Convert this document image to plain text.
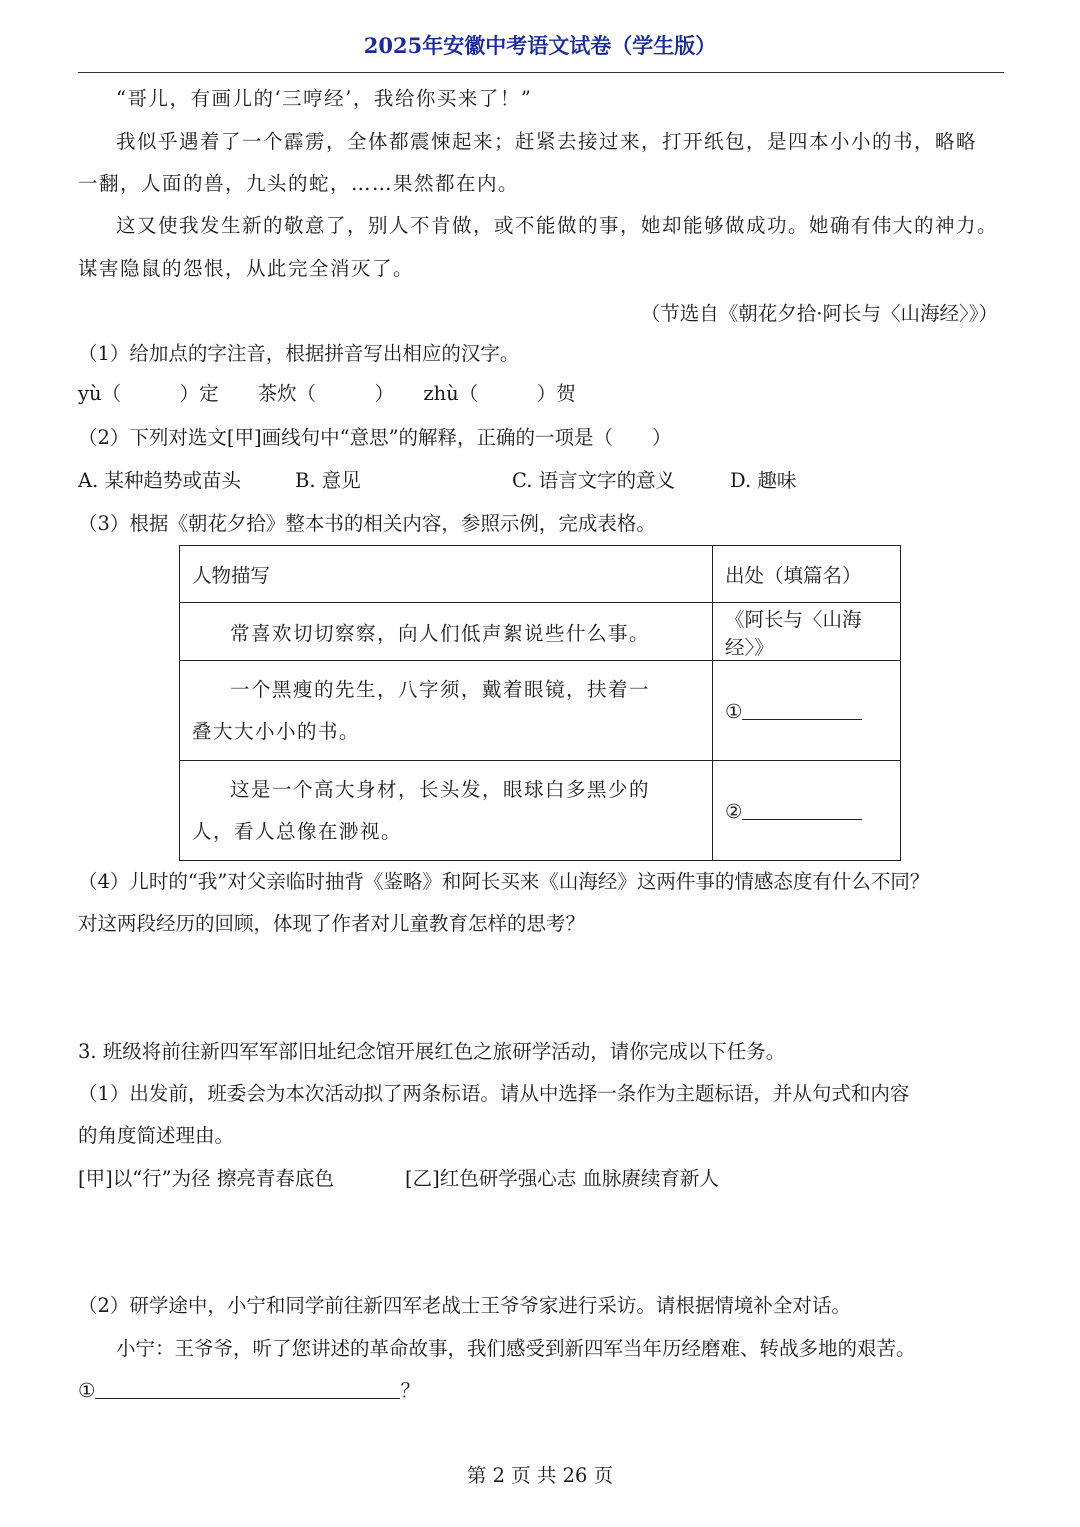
2025年安徽中考语文试卷（学生版）
“哥儿，有画儿的‘三哼经’，我给你买来了！”
我似乎遇着了一个霹雳，全体都震悚起来；赶紧去接过来，打开纸包，是四本小小的书，略略
一翻，人面的兽，九头的蛇，……果然都在内。
这又使我发生新的敬意了，别人不肯做，或不能做的事，她却能够做成功。她确有伟大的神力。
谋害隐鼠的怨恨，从此完全消灭了。
（节选自《朝花夕拾·阿长与〈山海经〉》）
（1）给加点的字注音，根据拼音写出相应的汉字。
yù（　　　）定　　茶炊（　　　）　　zhù（　　　）贺
（2）下列对选文[甲]画线句中“意思”的解释，正确的一项是（　　）
A. 某种趋势或苗头	B. 意见	C. 语言文字的意义	D. 趣味
（3）根据《朝花夕拾》整本书的相关内容，参照示例，完成表格。
人物描写	出处（填篇名）
常喜欢切切察察，向人们低声絮说些什么事。	《阿长与〈山海经〉》

一个黑瘦的先生，八字须，戴着眼镜，扶着一
叠大大小小的书。	①

这是一个高大身材，长头发，眼球白多黑少的
人，看人总像在渺视。	②
（4）儿时的“我”对父亲临时抽背《鉴略》和阿长买来《山海经》这两件事的情感态度有什么不同？
对这两段经历的回顾，体现了作者对儿童教育怎样的思考？
3. 班级将前往新四军军部旧址纪念馆开展红色之旅研学活动，请你完成以下任务。
（1）出发前，班委会为本次活动拟了两条标语。请从中选择一条作为主题标语，并从句式和内容
的角度简述理由。
[甲]以“行”为径 擦亮青春底色	[乙]红色研学强心志 血脉赓续育新人
（2）研学途中，小宁和同学前往新四军老战士王爷爷家进行采访。请根据情境补全对话。
小宁：王爷爷，听了您讲述的革命故事，我们感受到新四军当年历经磨难、转战多地的艰苦。
①	？
第 2 页 共 26 页
